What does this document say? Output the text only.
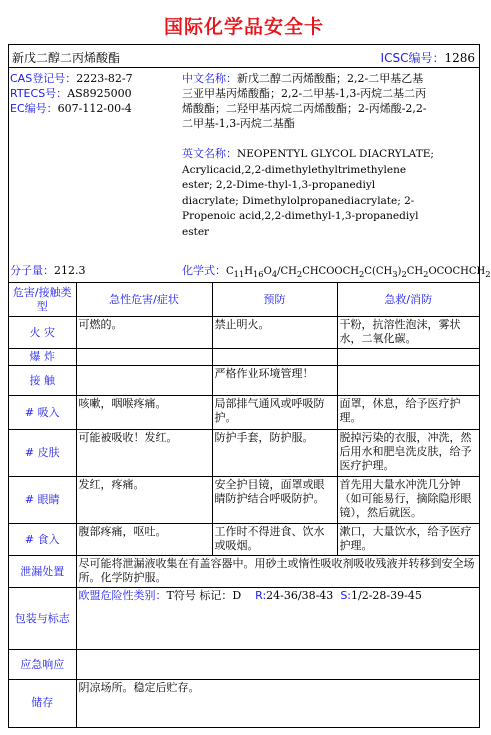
国际化学品安全卡
新戊二醇二丙烯酸酯	ICSC编号：1286
CAS登记号：2223-82-7
RTECS号：AS8925000
EC编号：607-112-00-4
中文名称：新戊二醇二丙烯酸酯；2,2-二甲基乙基
三亚甲基丙烯酸酯；2,2-二甲基-1,3-丙烷二基二丙
烯酸酯；二羟甲基丙烷二丙烯酸酯；2-丙烯酸-2,2-
二甲基-1,3-丙烷二基酯
英文名称：NEOPENTYL GLYCOL DIACRYLATE;
Acrylicacid,2,2-dimethylethyltrimethylene
ester; 2,2-Dime-thyl-1,3-propanediyl
diacrylate; Dimethylolpropanediacrylate; 2-
Propenoic acid,2,2-dimethyl-1,3-propanediyl
ester
分子量：212.3	化学式：$C_{11}H_{16}O_4/CH_2CHCOOCH_2C(CH_3)_2CH_2OCOCHCH_2$
危害/接触类型	急性危害/症状	预防	急救/消防
火 灾	可燃的。	禁止明火。	干粉，抗溶性泡沫，雾状水，二氧化碳。
爆 炸			
接 触		严格作业环境管理！	
# 吸入	咳嗽，咽喉疼痛。	局部排气通风或呼吸防护。	面罩，休息，给予医疗护理。
# 皮肤	可能被吸收！发红。	防护手套，防护服。	脱掉污染的衣服，冲洗，然后用水和肥皂洗皮肤，给予医疗护理。
# 眼睛	发红，疼痛。	安全护目镜，面罩或眼睛防护结合呼吸防护。	首先用大量水冲洗几分钟（如可能易行，摘除隐形眼镜），然后就医。
# 食入	腹部疼痛，呕吐。	工作时不得进食、饮水或吸烟。	漱口，大量饮水，给予医疗护理。
泄漏处置	尽可能将泄漏液收集在有盖容器中。用砂土或惰性吸收剂吸收残液并转移到安全场所。化学防护服。		
包装与标志	欧盟危险性类别：T符号 标记：D R:24-36/38-43 S:1/2-28-39-45		
应急响应			
储存	阴凉场所。稳定后贮存。		
